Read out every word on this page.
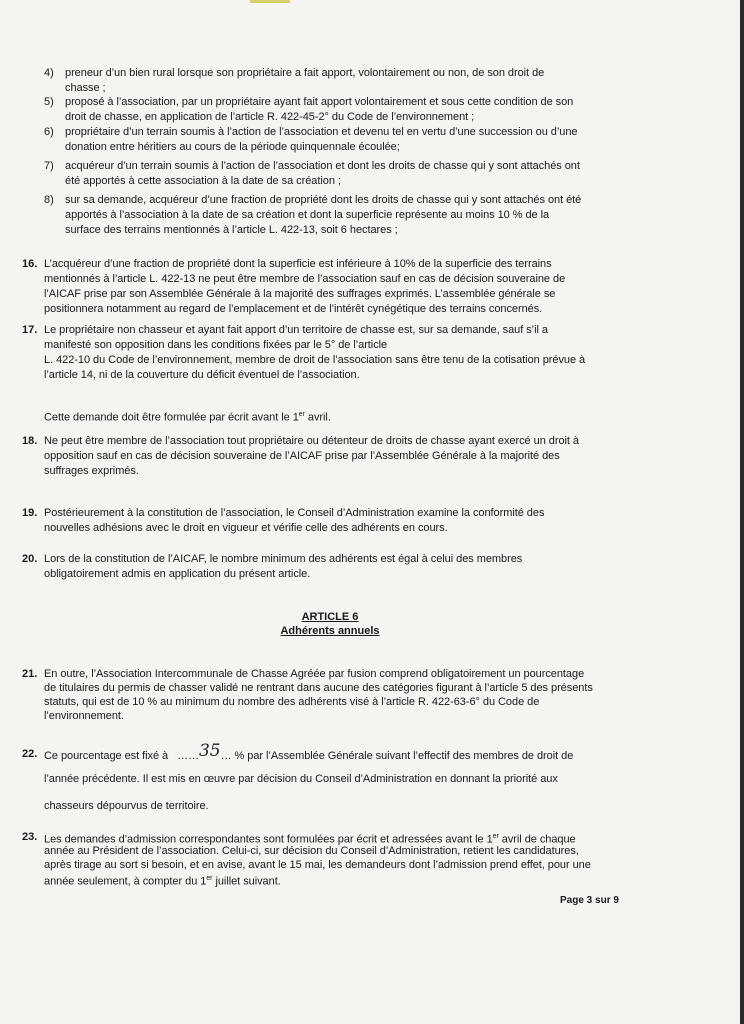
4) preneur d’un bien rural lorsque son propriétaire a fait apport, volontairement ou non, de son droit de
chasse ;
5) proposé à l’association, par un propriétaire ayant fait apport volontairement et sous cette condition de son
droit de chasse, en application de l’article R. 422-45-2° du Code de l’environnement ;
6) propriétaire d’un terrain soumis à l’action de l’association et devenu tel en vertu d’une succession ou d’une
donation entre héritiers au cours de la période quinquennale écoulée;
7) acquéreur d’un terrain soumis à l’action de l’association et dont les droits de chasse qui y sont attachés ont
été apportés à cette association à la date de sa création ;
8) sur sa demande, acquéreur d’une fraction de propriété dont les droits de chasse qui y sont attachés ont été
apportés à l’association à la date de sa création et dont la superficie représente au moins 10 % de la
surface des terrains mentionnés à l’article L. 422-13, soit 6 hectares ;
16. L’acquéreur d’une fraction de propriété dont la superficie est inférieure à 10% de la superficie des terrains
mentionnés à l’article L. 422-13 ne peut être membre de l’association sauf en cas de décision souveraine de
l’AICAF prise par son Assemblée Générale à la majorité des suffrages exprimés. L’assemblée générale se
positionnera notamment au regard de l’emplacement et de l’intérêt cynégétique des terrains concernés.
17. Le propriétaire non chasseur et ayant fait apport d’un territoire de chasse est, sur sa demande, sauf s’il a
manifesté son opposition dans les conditions fixées par le 5° de l’article
L. 422-10 du Code de l’environnement, membre de droit de l’association sans être tenu de la cotisation prévue à
l’article 14, ni de la couverture du déficit éventuel de l’association.
Cette demande doit être formulée par écrit avant le 1er avril.
18. Ne peut être membre de l’association tout propriétaire ou détenteur de droits de chasse ayant exercé un droit à
opposition sauf en cas de décision souveraine de l’AICAF prise par l’Assemblée Générale à la majorité des
suffrages exprimés.
19. Postérieurement à la constitution de l’association, le Conseil d’Administration examine la conformité des
nouvelles adhésions avec le droit en vigueur et vérifie celle des adhérents en cours.
20. Lors de la constitution de l’AICAF, le nombre minimum des adhérents est égal à celui des membres
obligatoirement admis en application du présent article.
21. En outre, l’Association Intercommunale de Chasse Agréée par fusion comprend obligatoirement un pourcentage
de titulaires du permis de chasser validé ne rentrant dans aucune des catégories figurant à l’article 5 des présents
statuts, qui est de 10 % au minimum du nombre des adhérents visé à l’article R. 422-63-6° du Code de
l’environnement.
23. Les demandes d’admission correspondantes sont formulées par écrit et adressées avant le 1er avril de chaque
année au Président de l’association. Celui-ci, sur décision du Conseil d’Administration, retient les candidatures,
après tirage au sort si besoin, et en avise, avant le 15 mai, les demandeurs dont l’admission prend effet, pour une
année seulement, à compter du 1er juillet suivant.
ARTICLE 6
Adhérents annuels
22. Ce pourcentage est fixé à ……35… % par l’Assemblée Générale suivant l’effectif des membres de droit de
l’année précédente. Il est mis en œuvre par décision du Conseil d’Administration en donnant la priorité aux
chasseurs dépourvus de territoire.
Page 3 sur 9
